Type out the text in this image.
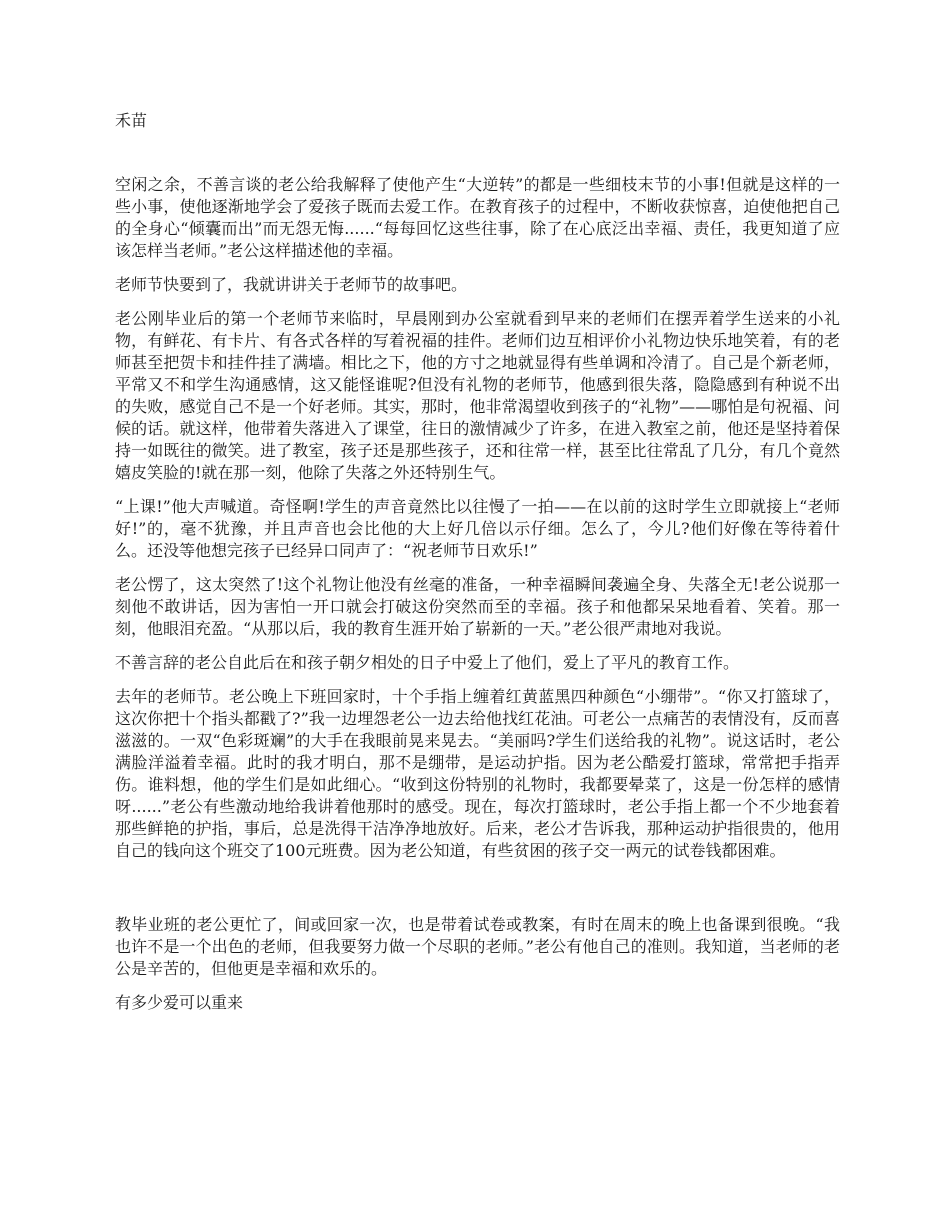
禾苗

空闲之余，不善言谈的老公给我解释了使他产生“大逆转”的都是一些细枝末节的小事!但就是这样的一些小事，使他逐渐地学会了爱孩子既而去爱工作。在教育孩子的过程中，不断收获惊喜，迫使他把自己的全身心“倾囊而出”而无怨无悔......“每每回忆这些往事，除了在心底泛出幸福、责任，我更知道了应该怎样当老师。”老公这样描述他的幸福。

老师节快要到了，我就讲讲关于老师节的故事吧。

老公刚毕业后的第一个老师节来临时，早晨刚到办公室就看到早来的老师们在摆弄着学生送来的小礼物，有鲜花、有卡片、有各式各样的写着祝福的挂件。老师们边互相评价小礼物边快乐地笑着，有的老师甚至把贺卡和挂件挂了满墙。相比之下，他的方寸之地就显得有些单调和冷清了。自己是个新老师，平常又不和学生沟通感情，这又能怪谁呢?但没有礼物的老师节，他感到很失落，隐隐感到有种说不出的失败，感觉自己不是一个好老师。其实，那时，他非常渴望收到孩子的“礼物”——哪怕是句祝福、问候的话。就这样，他带着失落进入了课堂，往日的激情减少了许多，在进入教室之前，他还是坚持着保持一如既往的微笑。进了教室，孩子还是那些孩子，还和往常一样，甚至比往常乱了几分，有几个竟然嬉皮笑脸的!就在那一刻，他除了失落之外还特别生气。

“上课!”他大声喊道。奇怪啊!学生的声音竟然比以往慢了一拍——在以前的这时学生立即就接上“老师好!”的，毫不犹豫，并且声音也会比他的大上好几倍以示仔细。怎么了，今儿?他们好像在等待着什么。还没等他想完孩子已经异口同声了：“祝老师节日欢乐!”

老公愣了，这太突然了!这个礼物让他没有丝毫的准备，一种幸福瞬间袭遍全身、失落全无!老公说那一刻他不敢讲话，因为害怕一开口就会打破这份突然而至的幸福。孩子和他都呆呆地看着、笑着。那一刻，他眼泪充盈。“从那以后，我的教育生涯开始了崭新的一天。”老公很严肃地对我说。

不善言辞的老公自此后在和孩子朝夕相处的日子中爱上了他们，爱上了平凡的教育工作。

去年的老师节。老公晚上下班回家时，十个手指上缠着红黄蓝黑四种颜色“小绷带”。“你又打篮球了，这次你把十个指头都戳了?”我一边埋怨老公一边去给他找红花油。可老公一点痛苦的表情没有，反而喜滋滋的。一双“色彩斑斓”的大手在我眼前晃来晃去。“美丽吗?学生们送给我的礼物”。说这话时，老公满脸洋溢着幸福。此时的我才明白，那不是绷带，是运动护指。因为老公酷爱打篮球，常常把手指弄伤。谁料想，他的学生们是如此细心。“收到这份特别的礼物时，我都要晕菜了，这是一份怎样的感情呀......”老公有些激动地给我讲着他那时的感受。现在，每次打篮球时，老公手指上都一个不少地套着那些鲜艳的护指，事后，总是洗得干洁净净地放好。后来，老公才告诉我，那种运动护指很贵的，他用自己的钱向这个班交了100元班费。因为老公知道，有些贫困的孩子交一两元的试卷钱都困难。

教毕业班的老公更忙了，间或回家一次，也是带着试卷或教案，有时在周末的晚上也备课到很晚。“我也许不是一个出色的老师，但我要努力做一个尽职的老师。”老公有他自己的准则。我知道，当老师的老公是辛苦的，但他更是幸福和欢乐的。

有多少爱可以重来
